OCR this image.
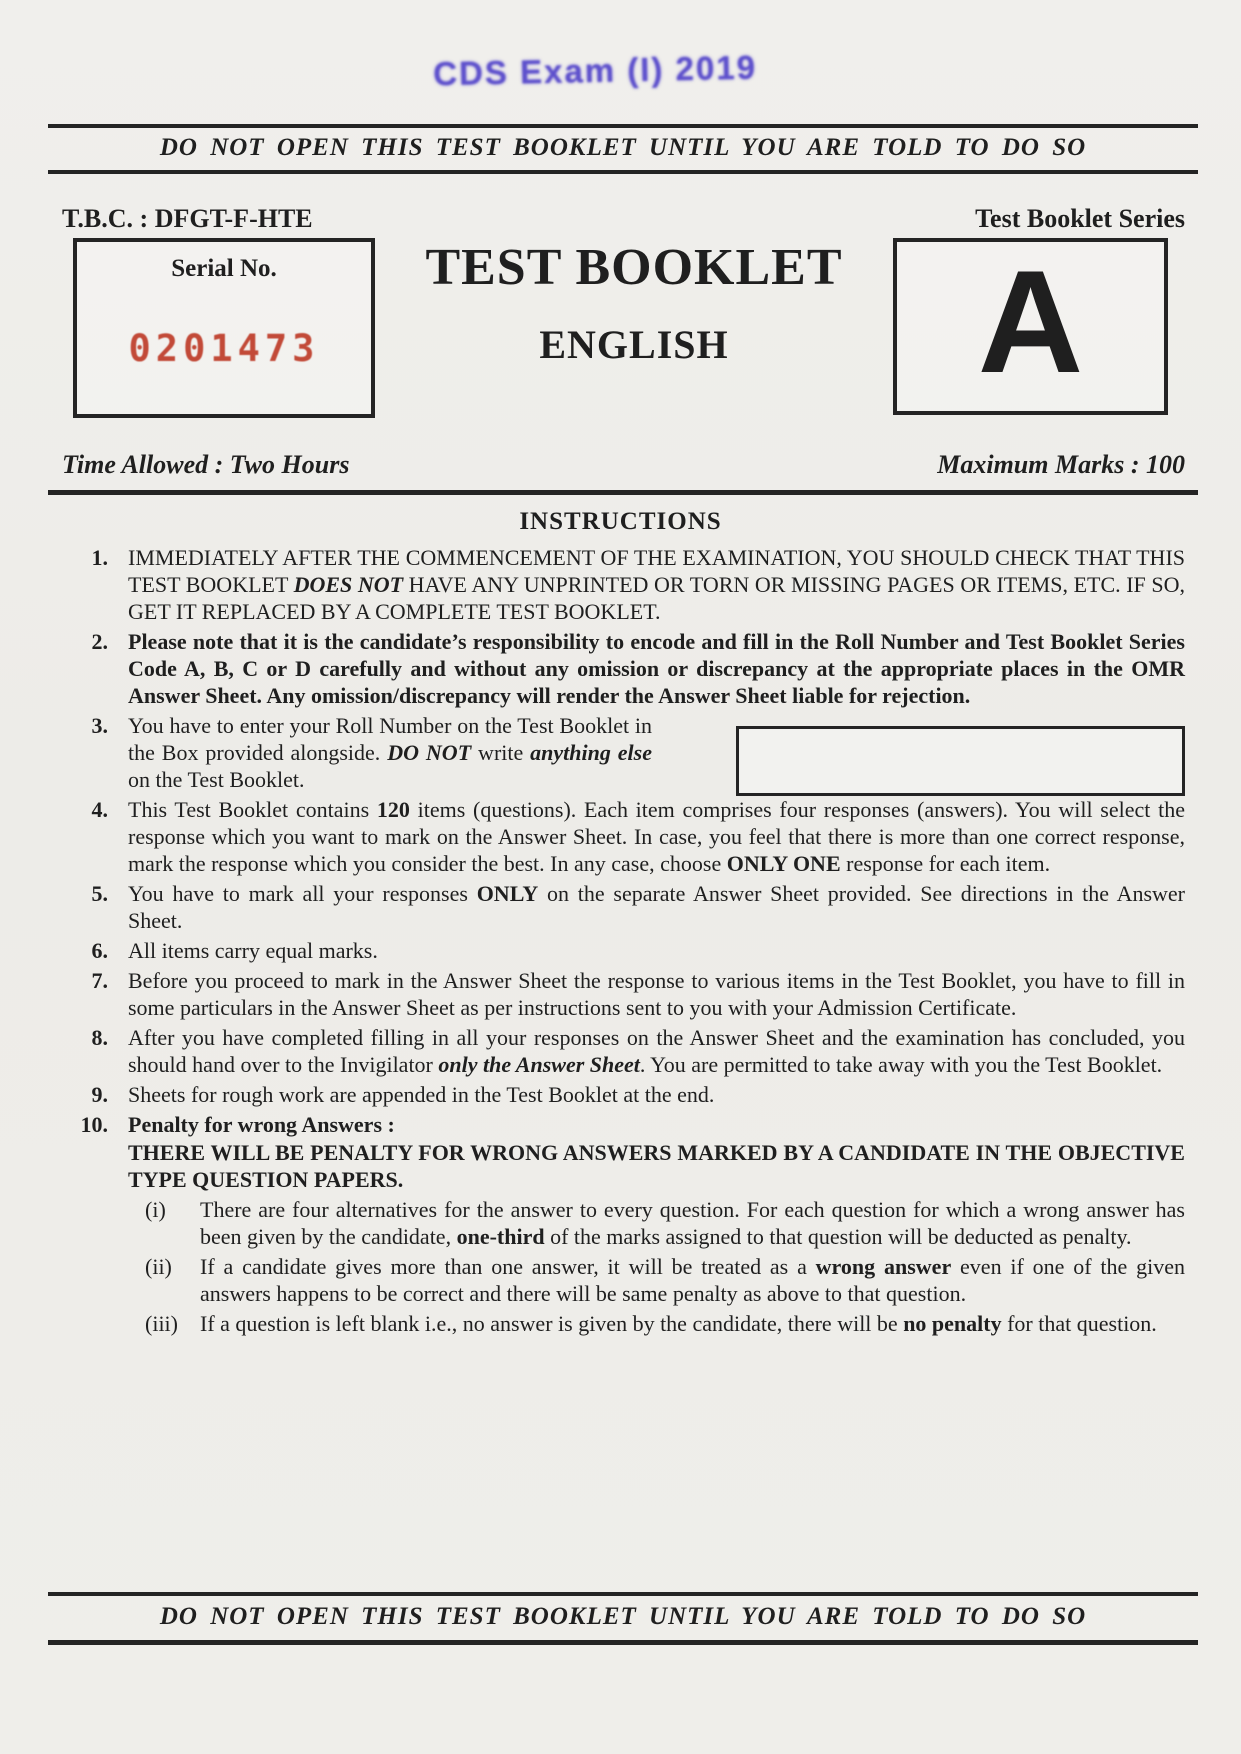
CDS Exam (I) 2019
DO NOT OPEN THIS TEST BOOKLET UNTIL YOU ARE TOLD TO DO SO
T.B.C. : DFGT-F-HTE	Test Booklet Series
Serial No.
0201473
TEST BOOKLET
ENGLISH	A
Time Allowed : Two Hours	Maximum Marks : 100
INSTRUCTIONS
1. IMMEDIATELY AFTER THE COMMENCEMENT OF THE EXAMINATION, YOU SHOULD CHECK THAT THIS TEST BOOKLET DOES NOT HAVE ANY UNPRINTED OR TORN OR MISSING PAGES OR ITEMS, ETC. IF SO, GET IT REPLACED BY A COMPLETE TEST BOOKLET.
2. Please note that it is the candidate’s responsibility to encode and fill in the Roll Number and Test Booklet Series Code A, B, C or D carefully and without any omission or discrepancy at the appropriate places in the OMR Answer Sheet. Any omission/discrepancy will render the Answer Sheet liable for rejection.
3. You have to enter your Roll Number on the Test Booklet in the Box provided alongside. DO NOT write anything else on the Test Booklet.
4. This Test Booklet contains 120 items (questions). Each item comprises four responses (answers). You will select the response which you want to mark on the Answer Sheet. In case, you feel that there is more than one correct response, mark the response which you consider the best. In any case, choose ONLY ONE response for each item.
5. You have to mark all your responses ONLY on the separate Answer Sheet provided. See directions in the Answer Sheet.
6. All items carry equal marks.
7. Before you proceed to mark in the Answer Sheet the response to various items in the Test Booklet, you have to fill in some particulars in the Answer Sheet as per instructions sent to you with your Admission Certificate.
8. After you have completed filling in all your responses on the Answer Sheet and the examination has concluded, you should hand over to the Invigilator only the Answer Sheet. You are permitted to take away with you the Test Booklet.
9. Sheets for rough work are appended in the Test Booklet at the end.
10. Penalty for wrong Answers :
THERE WILL BE PENALTY FOR WRONG ANSWERS MARKED BY A CANDIDATE IN THE OBJECTIVE TYPE QUESTION PAPERS.
(i)	There are four alternatives for the answer to every question. For each question for which a wrong answer has been given by the candidate, one-third of the marks assigned to that question will be deducted as penalty.
(ii)	If a candidate gives more than one answer, it will be treated as a wrong answer even if one of the given answers happens to be correct and there will be same penalty as above to that question.
(iii)	If a question is left blank i.e., no answer is given by the candidate, there will be no penalty for that question.
DO NOT OPEN THIS TEST BOOKLET UNTIL YOU ARE TOLD TO DO SO
